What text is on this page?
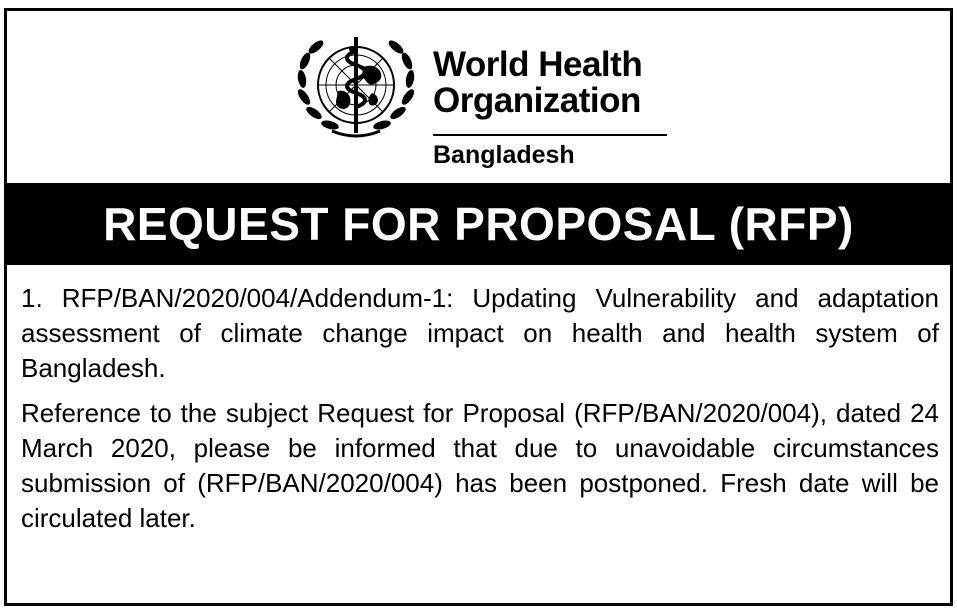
World Health
Organization
Bangladesh
REQUEST FOR PROPOSAL (RFP)

1. RFP/BAN/2020/004/Addendum-1: Updating Vulnerability and adaptation assessment of climate change impact on health and health system of Bangladesh.

Reference to the subject Request for Proposal (RFP/BAN/2020/004), dated 24 March 2020, please be informed that due to unavoidable circumstances submission of (RFP/BAN/2020/004) has been postponed. Fresh date will be circulated later.
